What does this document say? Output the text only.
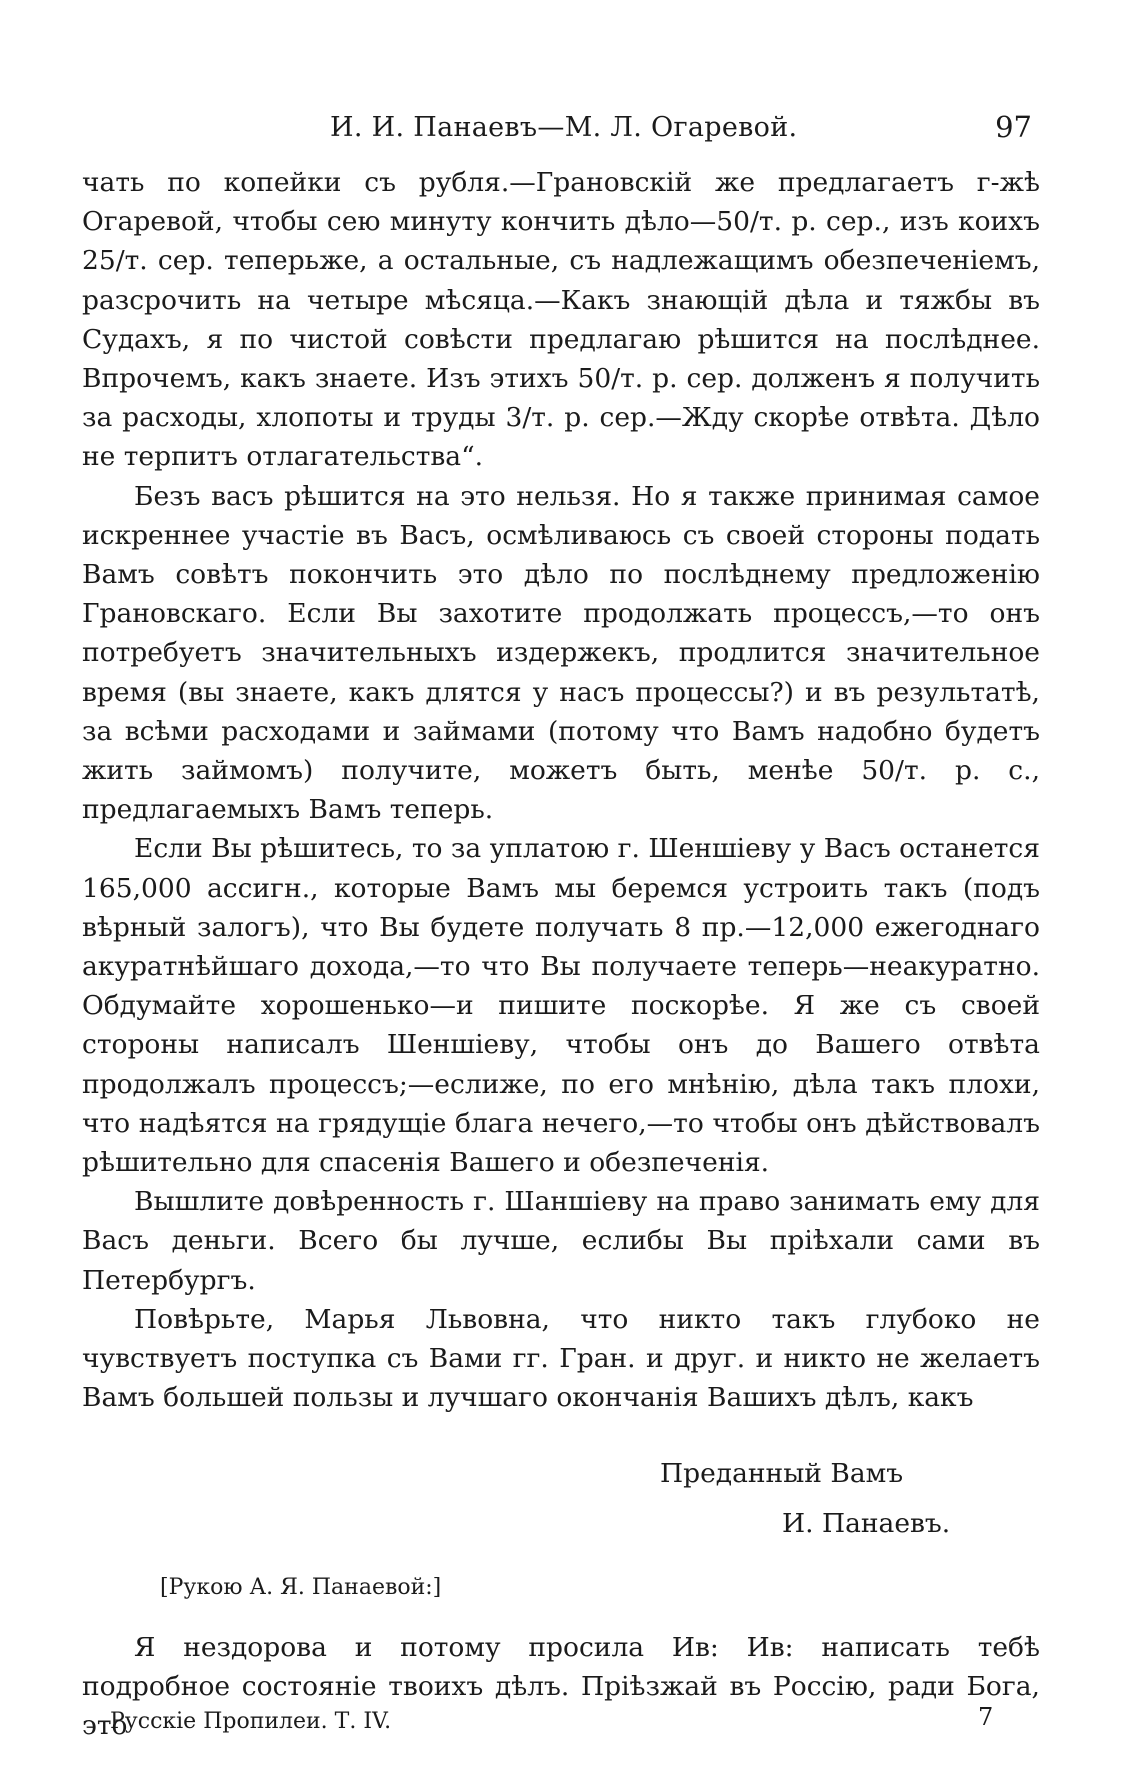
И. И. Панаевъ—М. Л. Огаревой.	97

чать по копейки съ рубля.—Грановскій же предлагаетъ г-жѣ Огаревой, чтобы сею минуту кончить дѣло—50/т. р. сер., изъ коихъ 25/т. сер. теперьже, а остальные, съ надлежащимъ обезпеченіемъ, разсрочить на четыре мѣсяца.—Какъ знающій дѣла и тяжбы въ Судахъ, я по чистой совѣсти предлагаю рѣшится на послѣднее. Впрочемъ, какъ знаете. Изъ этихъ 50/т. р. сер. долженъ я получить за расходы, хлопоты и труды 3/т. р. сер.—Жду скорѣе отвѣта. Дѣло не терпитъ отлагательства“.

Безъ васъ рѣшится на это нельзя. Но я также принимая самое искреннее участіе въ Васъ, осмѣливаюсь съ своей стороны подать Вамъ совѣтъ покончить это дѣло по послѣднему предложенію Грановскаго. Если Вы захотите продолжать процессъ,—то онъ потребуетъ значительныхъ издержекъ, продлится значительное время (вы знаете, какъ длятся у насъ процессы?) и въ результатѣ, за всѣми расходами и займами (потому что Вамъ надобно будетъ жить займомъ) получите, можетъ быть, менѣе 50/т. р. с., предлагаемыхъ Вамъ теперь.

Если Вы рѣшитесь, то за уплатою г. Шеншіеву у Васъ останется 165,000 ассигн., которые Вамъ мы беремся устроить такъ (подъ вѣрный залогъ), что Вы будете получать 8 пр.—12,000 ежегоднаго акуратнѣйшаго дохода,—то что Вы получаете теперь—неакуратно. Обдумайте хорошенько—и пишите поскорѣе. Я же съ своей стороны написалъ Шеншіеву, чтобы онъ до Вашего отвѣта продолжалъ процессъ;—еслиже, по его мнѣнію, дѣла такъ плохи, что надѣятся на грядущіе блага нечего,—то чтобы онъ дѣйствовалъ рѣшительно для спасенія Вашего и обезпеченія.

Вышлите довѣренность г. Шаншіеву на право занимать ему для Васъ деньги. Всего бы лучше, еслибы Вы пріѣхали сами въ Петербургъ.

Повѣрьте, Марья Львовна, что никто такъ глубоко не чувствуетъ поступка съ Вами гг. Гран. и друг. и никто не желаетъ Вамъ большей пользы и лучшаго окончанія Вашихъ дѣлъ, какъ

Преданный Вамъ
И. Панаевъ.
[Рукою А. Я. Панаевой:]

Я нездорова и потому просила Ив: Ив: написать тебѣ подробное состояніе твоихъ дѣлъ. Пріѣзжай въ Россію, ради Бога, это

Русскіе Пропилеи. Т. IV.	7
